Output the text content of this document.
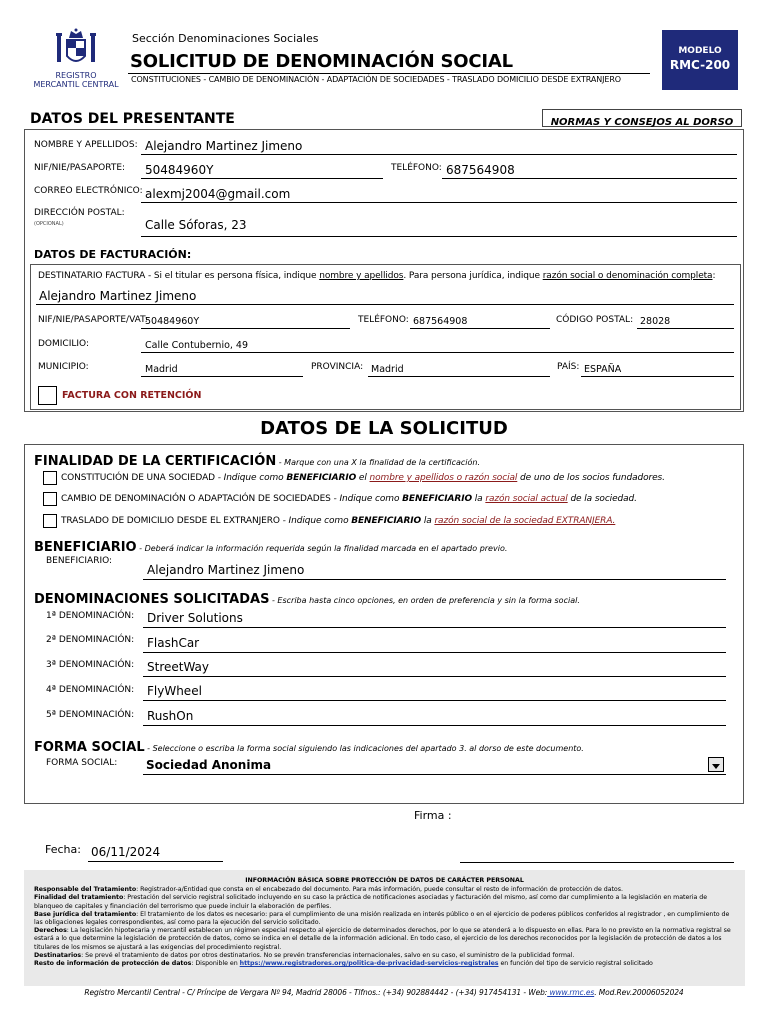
REGISTRO
MERCANTIL CENTRAL
Sección Denominaciones Sociales
SOLICITUD DE DENOMINACIÓN SOCIAL
CONSTITUCIONES - CAMBIO DE DENOMINACIÓN - ADAPTACIÓN DE SOCIEDADES - TRASLADO DOMICILIO DESDE EXTRANJERO
MODELO
RMC-200
DATOS DEL PRESENTANTE	NORMAS Y CONSEJOS AL DORSO
NOMBRE Y APELLIDOS: Alejandro Martinez Jimeno
NIF/NIE/PASAPORTE: 50484960Y	TELÉFONO: 687564908
CORREO ELECTRÓNICO: alexmj2004@gmail.com
DIRECCIÓN POSTAL:
(OPCIONAL)	Calle Sóforas, 23
DATOS DE FACTURACIÓN:
DESTINATARIO FACTURA - Si el titular es persona física, indique nombre y apellidos. Para persona jurídica, indique razón social o denominación completa:
Alejandro Martinez Jimeno
NIF/NIE/PASAPORTE/VAT:
50484960Y	TELÉFONO: 687564908	CÓDIGO POSTAL: 28028
DOMICILIO:	Calle Contubernio, 49
MUNICIPIO:	Madrid	PROVINCIA: Madrid	PAÍS: ESPAÑA
FACTURA CON RETENCIÓN
DATOS DE LA SOLICITUD
FINALIDAD DE LA CERTIFICACIÓN - Marque con una X la finalidad de la certificación.
CONSTITUCIÓN DE UNA SOCIEDAD - Indique como BENEFICIARIO el nombre y apellidos o razón social de uno de los socios fundadores.
CAMBIO DE DENOMINACIÓN O ADAPTACIÓN DE SOCIEDADES - Indique como BENEFICIARIO la razón social actual de la sociedad.
TRASLADO DE DOMICILIO DESDE EL EXTRANJERO - Indique como BENEFICIARIO la razón social de la sociedad EXTRANJERA.
BENEFICIARIO - Deberá indicar la información requerida según la finalidad marcada en el apartado previo.
BENEFICIARIO:
Alejandro Martinez Jimeno
DENOMINACIONES SOLICITADAS - Escriba hasta cinco opciones, en orden de preferencia y sin la forma social.
1ª DENOMINACIÓN: Driver Solutions
2ª DENOMINACIÓN: FlashCar
3ª DENOMINACIÓN: StreetWay
4ª DENOMINACIÓN: FlyWheel
5ª DENOMINACIÓN: RushOn
FORMA SOCIAL - Seleccione o escriba la forma social siguiendo las indicaciones del apartado 3. al dorso de este documento.
FORMA SOCIAL: Sociedad Anonima
Firma :
Fecha: 06/11/2024
INFORMACIÓN BÁSICA SOBRE PROTECCIÓN DE DATOS DE CARÁCTER PERSONAL
Responsable del Tratamiento: Registrador-a/Entidad que consta en el encabezado del documento. Para más información, puede consultar el resto de información de protección de datos.
Finalidad del tratamiento: Prestación del servicio registral solicitado incluyendo en su caso la práctica de notificaciones asociadas y facturación del mismo, así como dar cumplimiento a la legislación en materia de blanqueo de capitales y financiación del terrorismo que puede incluir la elaboración de perfiles.
Base jurídica del tratamiento: El tratamiento de los datos es necesario: para el cumplimiento de una misión realizada en interés público o en el ejercicio de poderes públicos conferidos al registrador , en cumplimiento de las obligaciones legales correspondientes, así como para la ejecución del servicio solicitado.
Derechos: La legislación hipotecaria y mercantil establecen un régimen especial respecto al ejercicio de determinados derechos, por lo que se atenderá a lo dispuesto en ellas. Para lo no previsto en la normativa registral se estará a lo que determine la legislación de protección de datos, como se indica en el detalle de la información adicional. En todo caso, el ejercicio de los derechos reconocidos por la legislación de protección de datos a los titulares de los mismos se ajustará a las exigencias del procedimiento registral.
Destinatarios: Se prevé el tratamiento de datos por otros destinatarios. No se prevén transferencias internacionales, salvo en su caso, el suministro de la publicidad formal.
Resto de información de protección de datos: Disponible en https://www.registradores.org/politica-de-privacidad-servicios-registrales en función del tipo de servicio registral solicitado
Registro Mercantil Central - C/ Príncipe de Vergara Nº 94, Madrid 28006 - Tlfnos.: (+34) 902884442 - (+34) 917454131 - Web: www.rmc.es. Mod.Rev.20006052024
